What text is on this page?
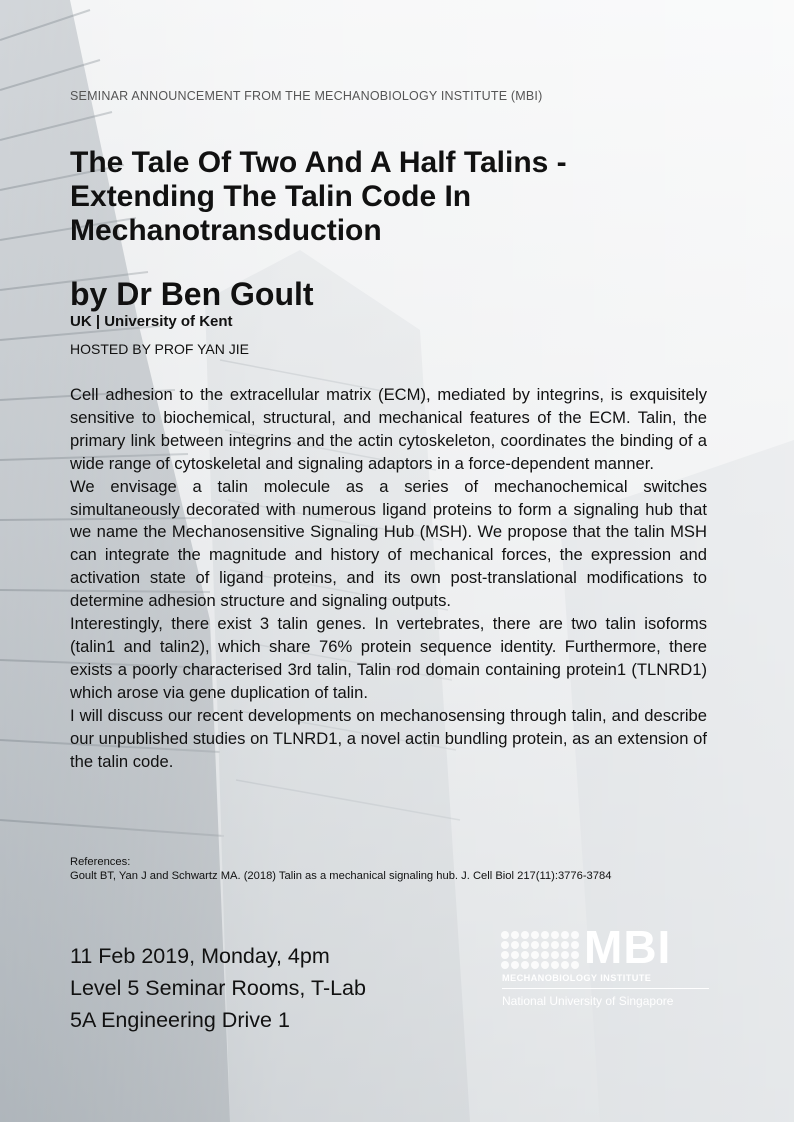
SEMINAR ANNOUNCEMENT FROM THE MECHANOBIOLOGY INSTITUTE (MBI)
The Tale Of Two And A Half Talins -
Extending The Talin Code In
Mechanotransduction
by Dr Ben Goult
UK | University of Kent
HOSTED BY PROF YAN JIE

Cell adhesion to the extracellular matrix (ECM), mediated by integrins, is exquisitely sensitive to biochemical, structural, and mechanical features of the ECM. Talin, the primary link between integrins and the actin cytoskeleton, coordinates the binding of a wide range of cytoskeletal and signaling adaptors in a force-dependent manner.

We envisage a talin molecule as a series of mechanochemical switches simultaneously decorated with numerous ligand proteins to form a signaling hub that we name the Mechanosensitive Signaling Hub (MSH). We propose that the talin MSH can integrate the magnitude and history of mechanical forces, the expression and activation state of ligand proteins, and its own post-translational modifications to determine adhesion structure and signaling outputs.

Interestingly, there exist 3 talin genes. In vertebrates, there are two talin isoforms (talin1 and talin2), which share 76% protein sequence identity. Furthermore, there exists a poorly characterised 3rd talin, Talin rod domain containing protein1 (TLNRD1) which arose via gene duplication of talin.

I will discuss our recent developments on mechanosensing through talin, and describe our unpublished studies on TLNRD1, a novel actin bundling protein, as an extension of the talin code.

References:

Goult BT, Yan J and Schwartz MA. (2018) Talin as a mechanical signaling hub. J. Cell Biol 217(11):3776-3784

11 Feb 2019, Monday, 4pm
Level 5 Seminar Rooms, T-Lab
5A Engineering Drive 1
MBI
MECHANOBIOLOGY INSTITUTE
National University of Singapore
